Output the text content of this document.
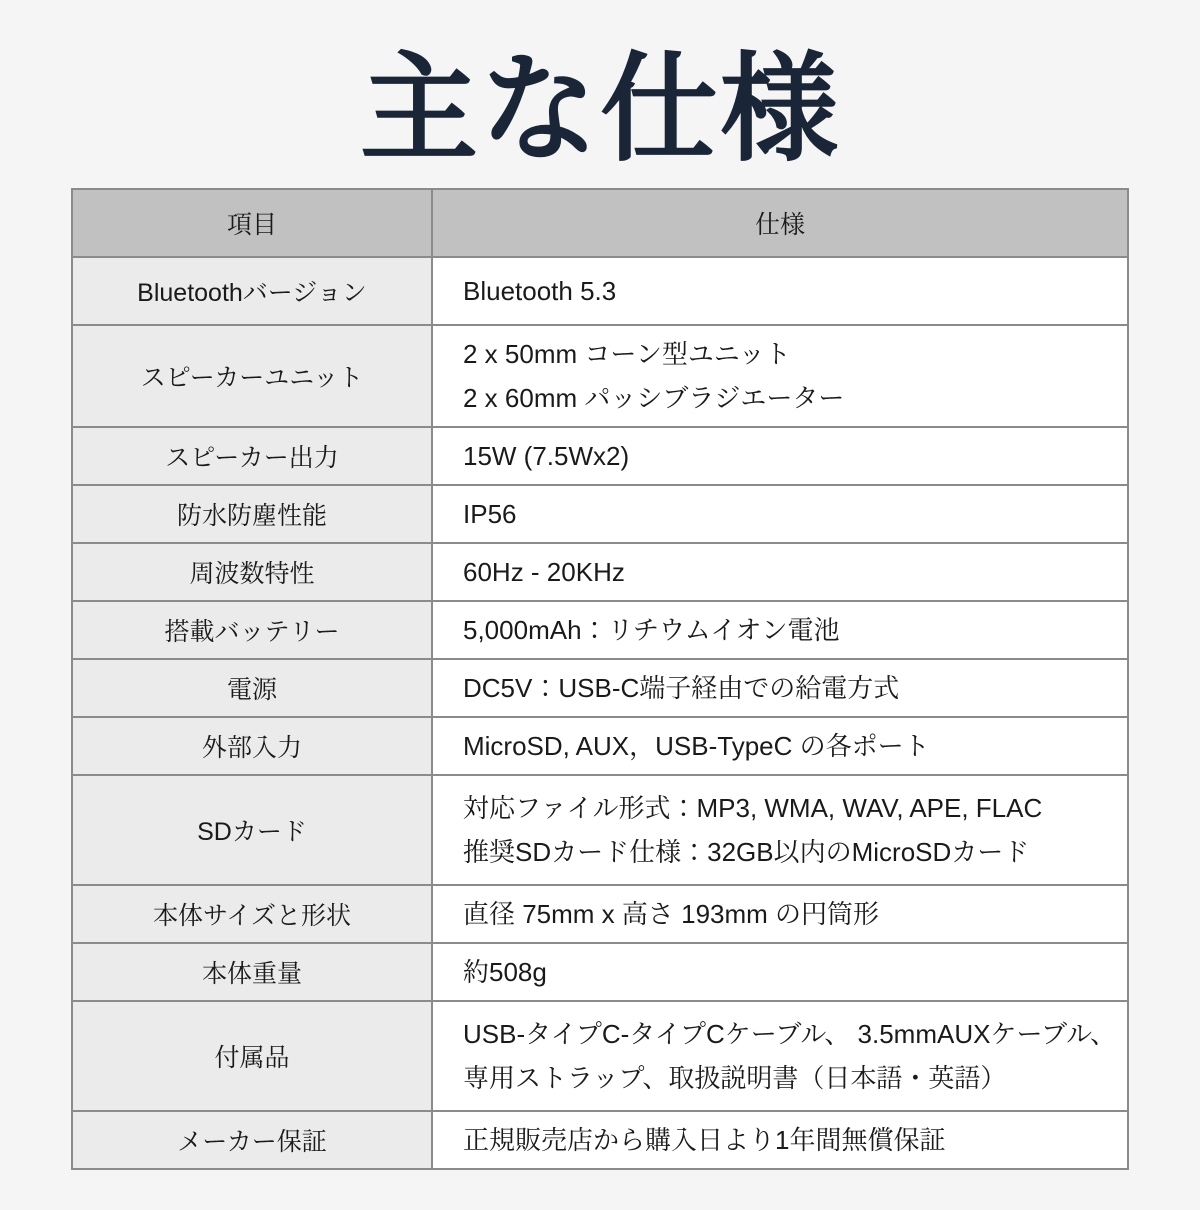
主な仕様
項目	仕様
Bluetoothバージョン	Bluetooth 5.3

スピーカーユニット	2 x 50mm コーン型ユニット
2 x 60mm パッシブラジエーター

スピーカー出力	15W (7.5Wx2)

防水防塵性能	IP56

周波数特性	60Hz - 20KHz

搭載バッテリー	5,000mAh：リチウムイオン電池

電源	DC5V：USB-C端子経由での給電方式

外部入力	MicroSD, AUX，USB-TypeC の各ポート

SDカード	対応ファイル形式：MP3, WMA, WAV, APE, FLAC
推奨SDカード仕様：32GB以内のMicroSDカード

本体サイズと形状	直径 75mm x 高さ 193mm の円筒形

本体重量	約508g

付属品	USB-タイプC-タイプCケーブル、 3.5mmAUXケーブル、
専用ストラップ、取扱説明書（日本語・英語）

メーカー保証	正規販売店から購入日より1年間無償保証
